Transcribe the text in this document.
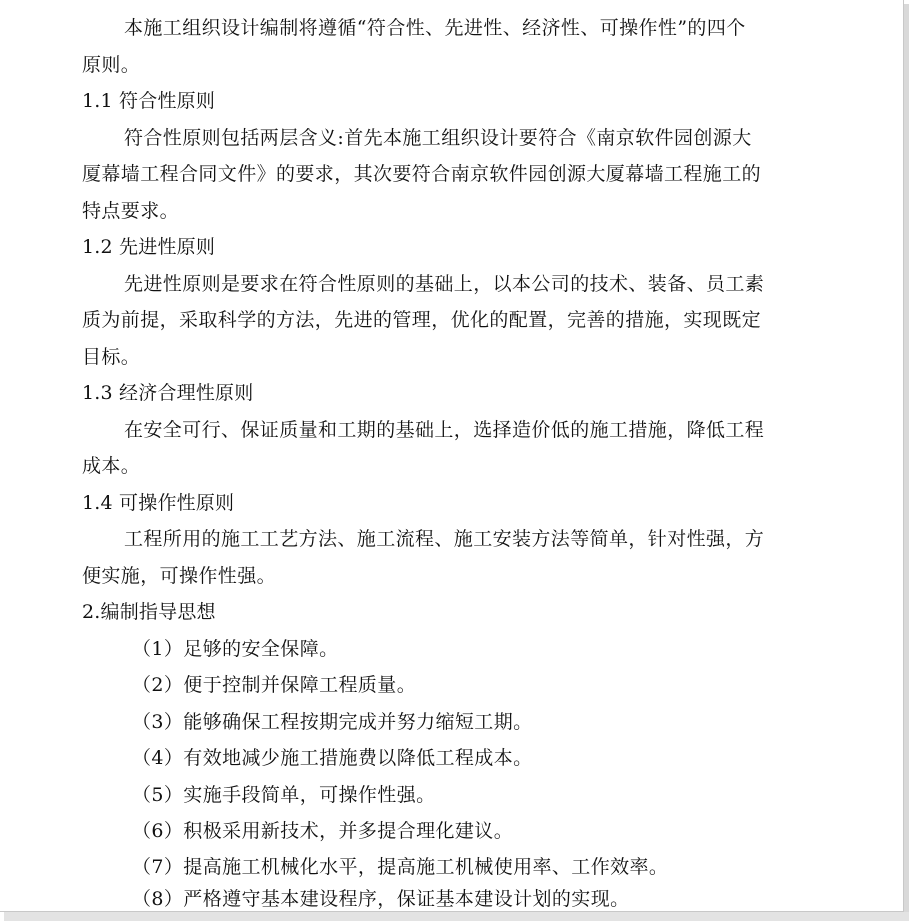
本施工组织设计编制将遵循“符合性、先进性、经济性、可操作性”的四个
原则。
1.1 符合性原则
符合性原则包括两层含义:首先本施工组织设计要符合《南京软件园创源大
厦幕墙工程合同文件》的要求，其次要符合南京软件园创源大厦幕墙工程施工的
特点要求。
1.2 先进性原则
先进性原则是要求在符合性原则的基础上，以本公司的技术、装备、员工素
质为前提，采取科学的方法，先进的管理，优化的配置，完善的措施，实现既定
目标。
1.3 经济合理性原则
在安全可行、保证质量和工期的基础上，选择造价低的施工措施，降低工程
成本。
1.4 可操作性原则
工程所用的施工工艺方法、施工流程、施工安装方法等简单，针对性强，方
便实施，可操作性强。
2.编制指导思想
（1）足够的安全保障。
（2）便于控制并保障工程质量。
（3）能够确保工程按期完成并努力缩短工期。
（4）有效地减少施工措施费以降低工程成本。
（5）实施手段简单，可操作性强。
（6）积极采用新技术，并多提合理化建议。
（7）提高施工机械化水平，提高施工机械使用率、工作效率。
（8）严格遵守基本建设程序，保证基本建设计划的实现。
